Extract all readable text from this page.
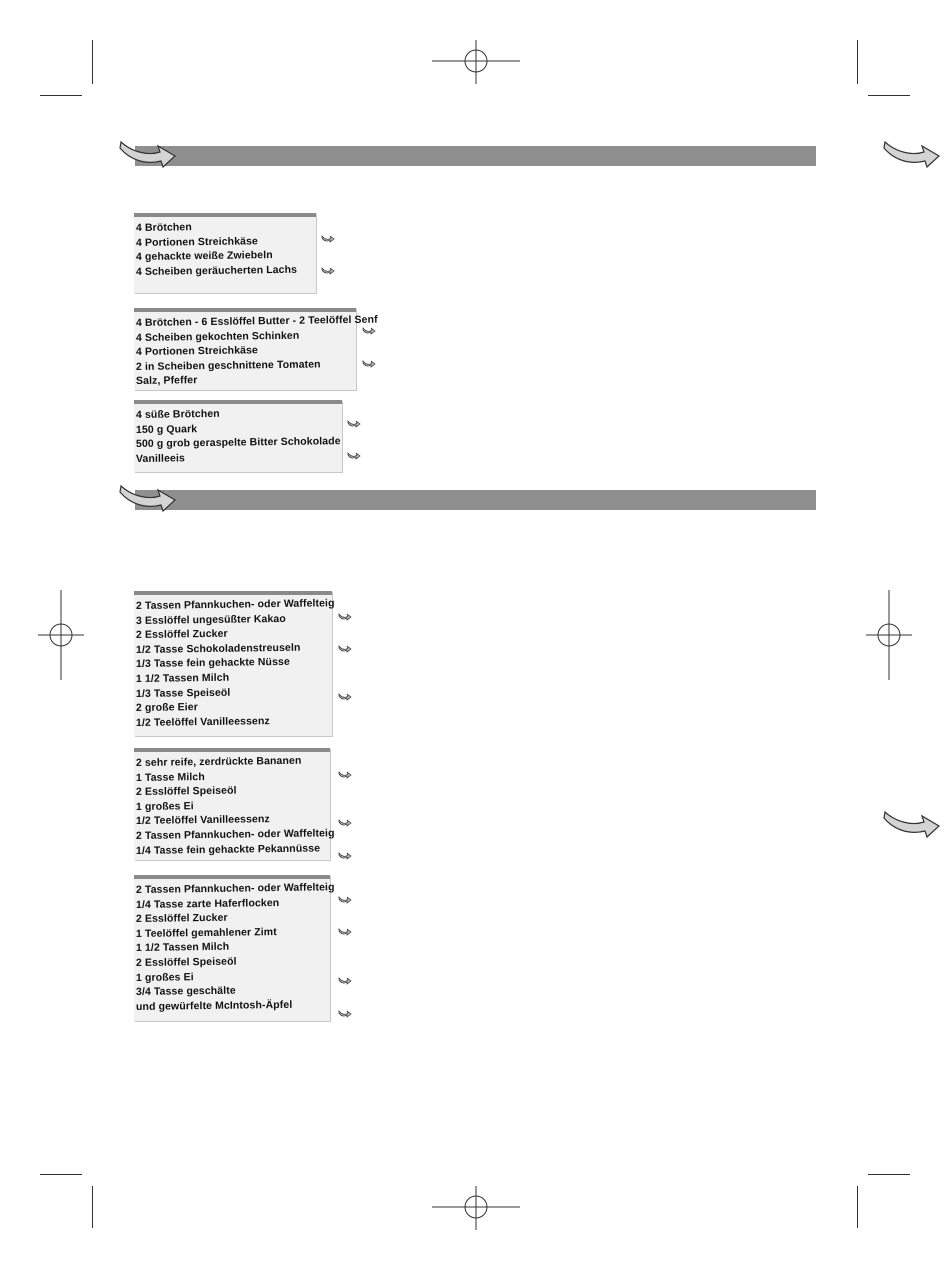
4 Brötchen
4 Portionen Streichkäse
4 gehackte weiße Zwiebeln
4 Scheiben geräucherten Lachs
4 Brötchen - 6 Esslöffel Butter - 2 Teelöffel Senf
4 Scheiben gekochten Schinken
4 Portionen Streichkäse
2 in Scheiben geschnittene Tomaten
Salz, Pfeffer
4 süße Brötchen
150 g Quark
500 g grob geraspelte Bitter Schokolade
Vanilleeis
2 Tassen Pfannkuchen- oder Waffelteig
3 Esslöffel ungesüßter Kakao
2 Esslöffel Zucker
1/2 Tasse Schokoladenstreuseln
1/3 Tasse fein gehackte Nüsse
1 1/2 Tassen Milch
1/3 Tasse Speiseöl
2 große Eier
1/2 Teelöffel Vanilleessenz
2 sehr reife, zerdrückte Bananen
1 Tasse Milch
2 Esslöffel Speiseöl
1 großes Ei
1/2 Teelöffel Vanilleessenz
2 Tassen Pfannkuchen- oder Waffelteig
1/4 Tasse fein gehackte Pekannüsse
2 Tassen Pfannkuchen- oder Waffelteig
1/4 Tasse zarte Haferflocken
2 Esslöffel Zucker
1 Teelöffel gemahlener Zimt
1 1/2 Tassen Milch
2 Esslöffel Speiseöl
1 großes Ei
3/4 Tasse geschälte
und gewürfelte McIntosh-Äpfel
